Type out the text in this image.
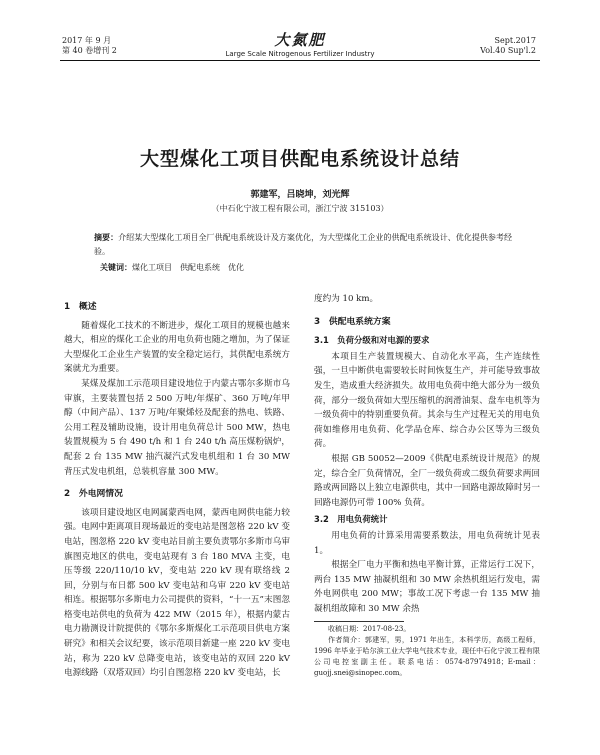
2017 年 9 月
第 40 卷增刊 2
大氮肥
Large Scale Nitrogenous Fertilizer Industry
Sept.2017
Vol.40 Sup'l.2
大型煤化工项目供配电系统设计总结
郭建军，吕晓坤，刘光辉
（中石化宁波工程有限公司，浙江宁波 315103）
摘要：介绍某大型煤化工项目全厂供配电系统设计及方案优化，为大型煤化工企业的供配电系统设计、优化提供参考经验。
关键词：煤化工项目　供配电系统　优化
1　概述

随着煤化工技术的不断进步，煤化工项目的规模也越来越大，相应的煤化工企业的用电负荷也随之增加，为了保证大型煤化工企业生产装置的安全稳定运行，其供配电系统方案就尤为重要。

某煤及煤加工示范项目建设地位于内蒙古鄂尔多斯市乌审旗，主要装置包括 2 500 万吨/年煤矿、360 万吨/年甲醇（中间产品）、137 万吨/年聚烯烃及配套的热电、铁路、公用工程及辅助设施，设计用电负荷总计 500 MW，热电装置规模为 5 台 490 t/h 和 1 台 240 t/h 高压煤粉锅炉，配套 2 台 135 MW 抽汽凝汽式发电机组和 1 台 30 MW 背压式发电机组，总装机容量 300 MW。

2　外电网情况

该项目建设地区电网属蒙西电网，蒙西电网供电能力较强。电网中距离项目现场最近的变电站是图忽格 220 kV 变电站，图忽格 220 kV 变电站目前主要负责鄂尔多斯市乌审旗图克地区的供电，变电站现有 3 台 180 MVA 主变，电压等级 220/110/10 kV，变电站 220 kV 现有联络线 2 回，分别与布日都 500 kV 变电站和乌审 220 kV 变电站相连。根据鄂尔多斯电力公司提供的资料，“十一五”末图忽格变电站供电的负荷为 422 MW（2015 年），根据内蒙古电力勘测设计院提供的《鄂尔多斯煤化工示范项目供电方案研究》和相关会议纪要，该示范项目新建一座 220 kV 变电站，称为 220 kV 总降变电站，该变电站的双回 220 kV 电源线路（双塔双回）均引自图忽格 220 kV 变电站，长

度约为 10 km。

3　供配电系统方案
3.1　负荷分级和对电源的要求

本项目生产装置规模大、自动化水平高，生产连续性强，一旦中断供电需要较长时间恢复生产，并可能导致事故发生，造成重大经济损失。故用电负荷中绝大部分为一级负荷，部分一级负荷如大型压缩机的润滑油泵、盘车电机等为一级负荷中的特别重要负荷。其余与生产过程无关的用电负荷如维修用电负荷、化学品仓库、综合办公区等为三级负荷。

根据 GB 50052—2009《供配电系统设计规范》的规定，综合全厂负荷情况，全厂一级负荷或二级负荷要求两回路或两回路以上独立电源供电，其中一回路电源故障时另一回路电源仍可带 100% 负荷。

3.2　用电负荷统计

用电负荷的计算采用需要系数法，用电负荷统计见表 1。

根据全厂电力平衡和热电平衡计算，正常运行工况下，两台 135 MW 抽凝机组和 30 MW 余热机组运行发电，需外电网供电 200 MW；事故工况下考虑一台 135 MW 抽凝机组故障和 30 MW 余热

收稿日期：2017-08-23。

作者简介：郭建军，男，1971 年出生，本科学历，高级工程师，1996 年毕业于哈尔滨工业大学电气技术专业，现任中石化宁波工程有限公司电控室副主任。联系电话：0574-87974918；E-mail：guojj.snei@sinopec.com。
